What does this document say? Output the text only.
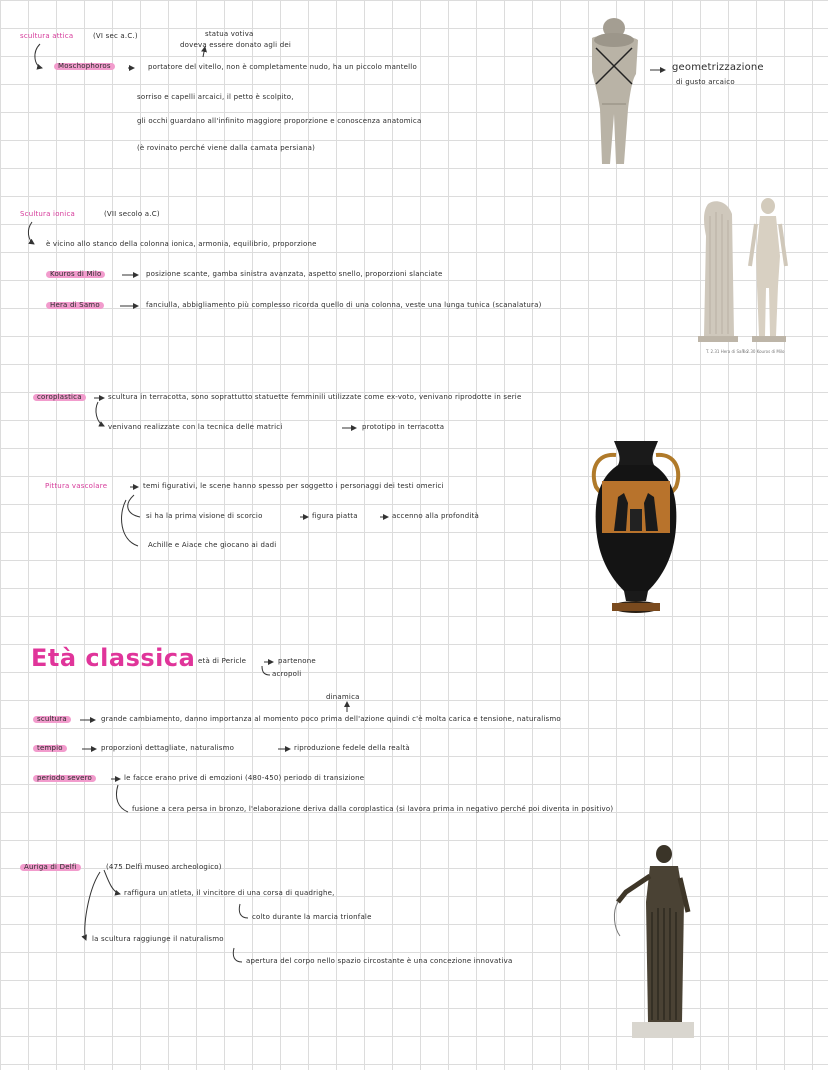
scultura attica	(VI sec a.C.)	statua votiva
doveva essere donato agli dei
Moschophoros	portatore del vitello, non è completamente nudo, ha un piccolo mantello
sorriso e capelli arcaici, il petto è scolpito,
gli occhi guardano all'infinito maggiore proporzione e conoscenza anatomica
(è rovinato perché viene dalla camata persiana)
geometrizzazione
di gusto arcaico
Scultura ionica	(VII secolo a.C)
è vicino allo stanco della colonna ionica, armonia, equilibrio, proporzione
Kouros di Milo	posizione scante, gamba sinistra avanzata, aspetto snello, proporzioni slanciate
Hera di Samo	fanciulla, abbigliamento più complesso ricorda quello di una colonna, veste una lunga tunica (scanalatura)
T. 2.31 Hera di Samo
T. 2.30 Kouros di Milo
coroplastica	scultura in terracotta, sono soprattutto statuette femminili utilizzate come ex-voto, venivano riprodotte in serie
venivano realizzate con la tecnica delle matrici	prototipo in terracotta
Pittura vascolare	temi figurativi, le scene hanno spesso per soggetto i personaggi dei testi omerici
si ha la prima visione di scorcio	figura piatta	accenno alla profondità
Achille e Aiace che giocano ai dadi
Età classica età di Pericle	partenone
acropoli
dinamica
scultura	grande cambiamento, danno importanza al momento poco prima dell'azione quindi c'è molta carica e tensione, naturalismo
tempio	proporzioni dettagliate, naturalismo	riproduzione fedele della realtà
periodo severo	le facce erano prive di emozioni (480-450) periodo di transizione
fusione a cera persa in bronzo, l'elaborazione deriva dalla coroplastica (si lavora prima in negativo perché poi diventa in positivo)
Auriga di Delfi	(475 Delfi museo archeologico)
raffigura un atleta, il vincitore di una corsa di quadrighe,
colto durante la marcia trionfale
la scultura raggiunge il naturalismo
apertura del corpo nello spazio circostante è una concezione innovativa
